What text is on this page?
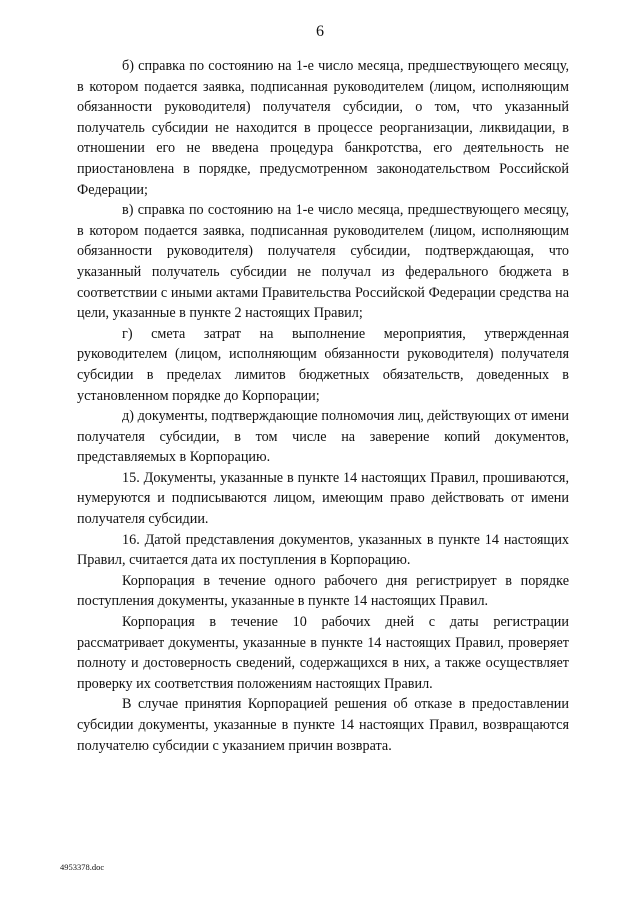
6

б) справка по состоянию на 1-е число месяца, предшествующего месяцу, в котором подается заявка, подписанная руководителем (лицом, исполняющим обязанности руководителя) получателя субсидии, о том, что указанный получатель субсидии не находится в процессе реорганизации, ликвидации, в отношении его не введена процедура банкротства, его деятельность не приостановлена в порядке, предусмотренном законодательством Российской Федерации;

в) справка по состоянию на 1-е число месяца, предшествующего месяцу, в котором подается заявка, подписанная руководителем (лицом, исполняющим обязанности руководителя) получателя субсидии, подтверждающая, что указанный получатель субсидии не получал из федерального бюджета в соответствии с иными актами Правительства Российской Федерации средства на цели, указанные в пункте 2 настоящих Правил;

г) смета затрат на выполнение мероприятия, утвержденная руководителем (лицом, исполняющим обязанности руководителя) получателя субсидии в пределах лимитов бюджетных обязательств, доведенных в установленном порядке до Корпорации;

д) документы, подтверждающие полномочия лиц, действующих от имени получателя субсидии, в том числе на заверение копий документов, представляемых в Корпорацию.

15. Документы, указанные в пункте 14 настоящих Правил, прошиваются, нумеруются и подписываются лицом, имеющим право действовать от имени получателя субсидии.

16. Датой представления документов, указанных в пункте 14 настоящих Правил, считается дата их поступления в Корпорацию.

Корпорация в течение одного рабочего дня регистрирует в порядке поступления документы, указанные в пункте 14 настоящих Правил.

Корпорация в течение 10 рабочих дней с даты регистрации рассматривает документы, указанные в пункте 14 настоящих Правил, проверяет полноту и достоверность сведений, содержащихся в них, а также осуществляет проверку их соответствия положениям настоящих Правил.

В случае принятия Корпорацией решения об отказе в предоставлении субсидии документы, указанные в пункте 14 настоящих Правил, возвращаются получателю субсидии с указанием причин возврата.

4953378.doc
